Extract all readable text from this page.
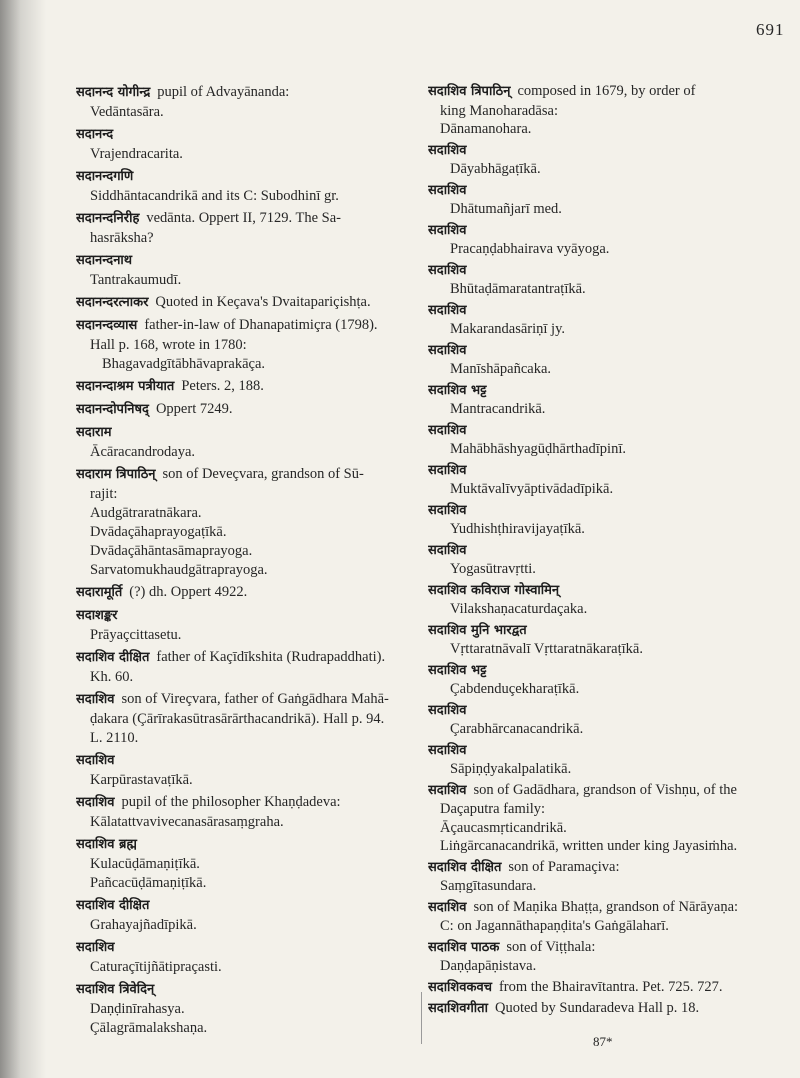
691
सदानन्द योगीन्द्र pupil of Advayānanda:
Vedāntasāra.
सदानन्द
Vrajendracarita.
सदानन्दगणि
Siddhāntacandrikā and its C: Subodhinī gr.
सदानन्दनिरीह vedānta. Oppert II, 7129. The Sa-
hasrāksha?
सदानन्दनाथ
Tantrakaumudī.
सदानन्दरत्नाकर Quoted in Keçava's Dvaitapariçishṭa.
सदानन्दव्यास father-in-law of Dhanapatimiçra (1798).
Hall p. 168, wrote in 1780:
Bhagavadgītābhāvaprakāça.
सदानन्दाश्रम पत्रीयात Peters. 2, 188.
सदानन्दोपनिषद् Oppert 7249.
सदाराम
Ācāracandrodaya.
सदाराम त्रिपाठिन् son of Deveçvara, grandson of Sū-
rajit:
Audgātraratnākara.
Dvādaçāhaprayogaṭīkā.
Dvādaçāhāntasāmaprayoga.
Sarvatomukhaudgātraprayoga.
सदारामूर्ति (?) dh. Oppert 4922.
सदाशङ्कर
Prāyaçcittasetu.
सदाशिव दीक्षित father of Kaçīdīkshita (Rudrapaddhati).
Kh. 60.
सदाशिव son of Vireçvara, father of Gaṅgādhara Mahā-
ḍakara (Çārīrakasūtrasārārthacandrikā). Hall p. 94.
L. 2110.
सदाशिव
Karpūrastavaṭīkā.
सदाशिव pupil of the philosopher Khaṇḍadeva:
Kālatattvavivecanasārasaṃgraha.
सदाशिव ब्रह्म
Kulacūḍāmaṇiṭīkā.
Pañcacūḍāmaṇiṭīkā.
सदाशिव दीक्षित
Grahayajñadīpikā.
सदाशिव
Caturaçītijñātipraçasti.
सदाशिव त्रिवेदिन्
Daṇḍinīrahasya.
Çālagrāmalakshaṇa.
सदाशिव त्रिपाठिन् composed in 1679, by order of
king Manoharadāsa:
Dānamanohara.
सदाशिव
Dāyabhāgaṭīkā.
सदाशिव
Dhātumañjarī med.
सदाशिव
Pracaṇḍabhairava vyāyoga.
सदाशिव
Bhūtaḍāmaratantraṭīkā.
सदाशिव
Makarandasāriṇī jy.
सदाशिव
Manīshāpañcaka.
सदाशिव भट्ट
Mantracandrikā.
सदाशिव
Mahābhāshyagūḍhārthadīpinī.
सदाशिव
Muktāvalīvyāptivādadīpikā.
सदाशिव
Yudhishṭhiravijayaṭīkā.
सदाशिव
Yogasūtravṛtti.
सदाशिव कविराज गोस्वामिन्
Vilakshaṇacaturdaçaka.
सदाशिव मुनि भारद्वत
Vṛttaratnāvalī Vṛttaratnākaraṭīkā.
सदाशिव भट्ट
Çabdenduçekharaṭīkā.
सदाशिव
Çarabhārcanacandrikā.
सदाशिव
Sāpiṇḍyakalpalatikā.
सदाशिव son of Gadādhara, grandson of Vishṇu, of the
Daçaputra family:
Āçaucasmṛticandrikā.
Liṅgārcanacandrikā, written under king Jayasiṁha.
सदाशिव दीक्षित son of Paramaçiva:
Saṃgītasundara.
सदाशिव son of Maṇika Bhaṭṭa, grandson of Nārāyaṇa:
C: on Jagannāthapaṇḍita's Gaṅgālaharī.
सदाशिव पाठक son of Viṭṭhala:
Daṇḍapāṇistava.
सदाशिवकवच from the Bhairavītantra. Pet. 725. 727.
सदाशिवगीता Quoted by Sundaradeva Hall p. 18.
87*
